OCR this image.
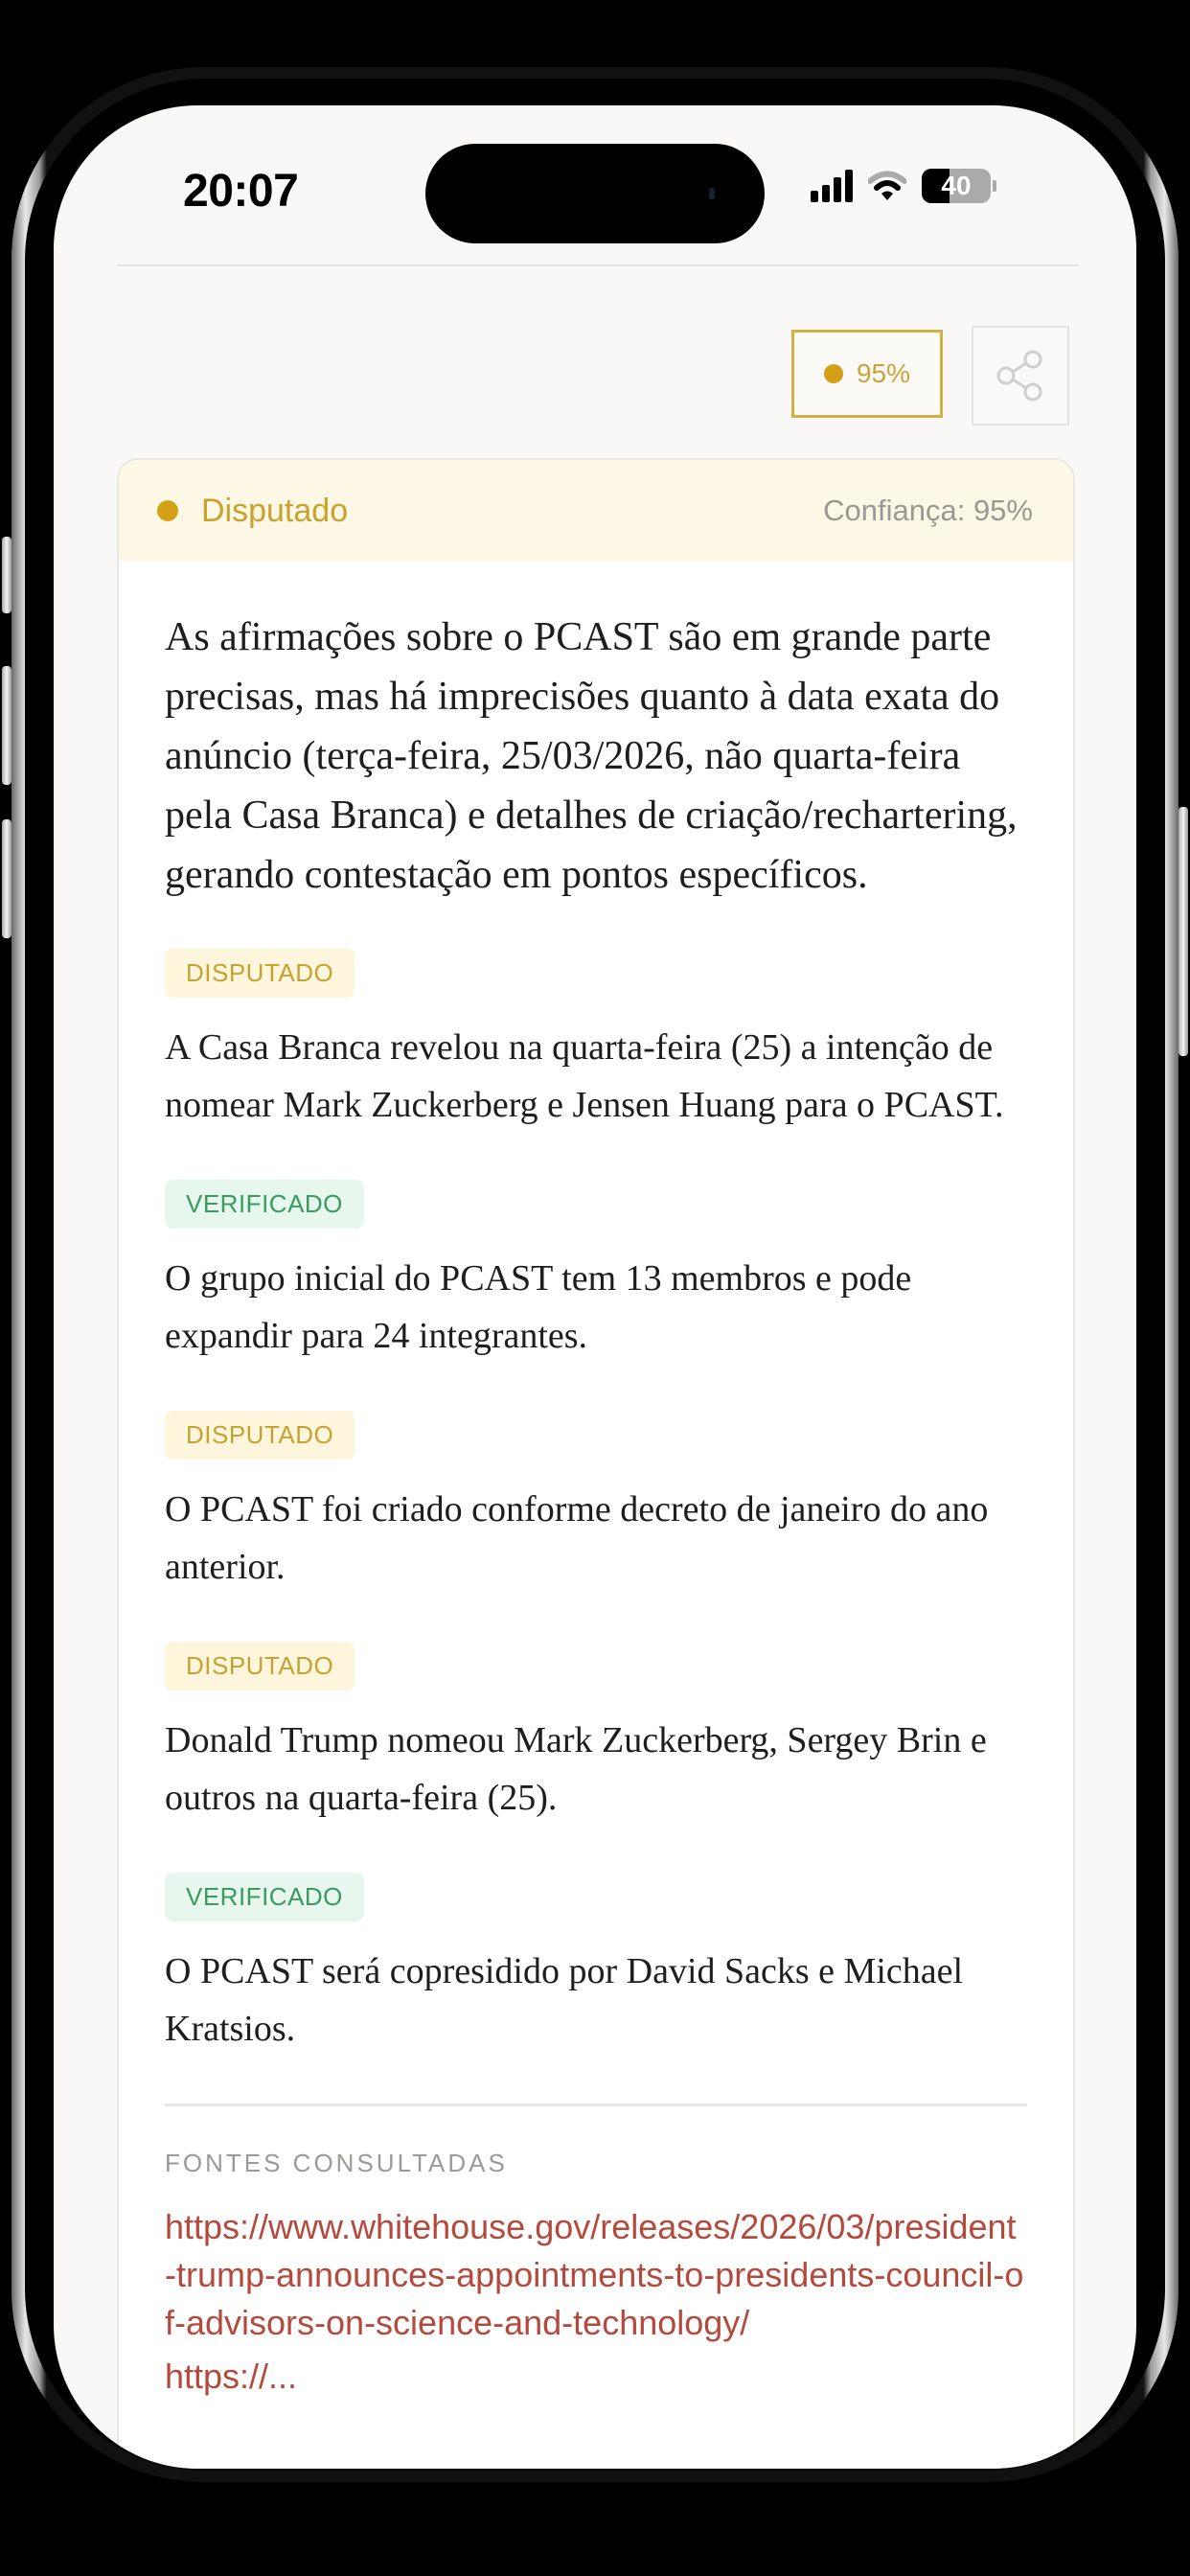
20:07	40
95%
Disputado	Confiança: 95%

As afirmações sobre o PCAST são em grande parte precisas, mas há imprecisões quanto à data exata do anúncio (terça-feira, 25/03/2026, não quarta-feira pela Casa Branca) e detalhes de criação/rechartering, gerando contestação em pontos específicos.

DISPUTADO

A Casa Branca revelou na quarta-feira (25) a intenção de nomear Mark Zuckerberg e Jensen Huang para o PCAST.

VERIFICADO

O grupo inicial do PCAST tem 13 membros e pode expandir para 24 integrantes.

DISPUTADO

O PCAST foi criado conforme decreto de janeiro do ano anterior.

DISPUTADO

Donald Trump nomeou Mark Zuckerberg, Sergey Brin e outros na quarta-feira (25).

VERIFICADO

O PCAST será copresidido por David Sacks e Michael Kratsios.

FONTES CONSULTADAS
https://www.whitehouse.gov/releases/2026/03/president-trump-announces-appointments-to-presidents-council-of-advisors-on-science-and-technology/
https://...
